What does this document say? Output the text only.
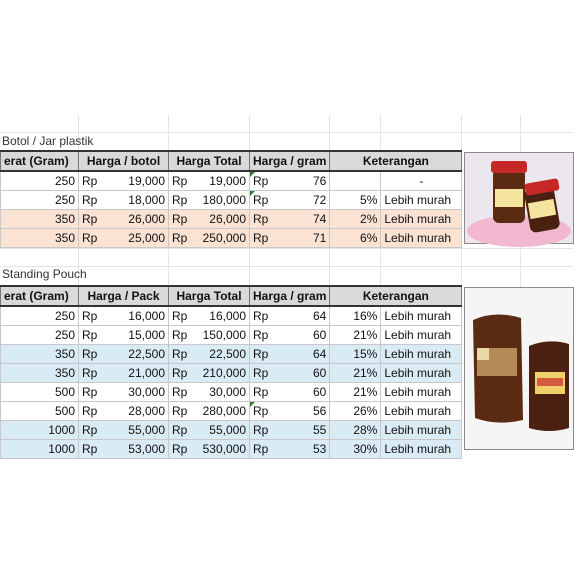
Botol / Jar plastik
erat (Gram)	Harga / botol		Harga Total		Harga / gram		Keterangan	
250	Rp	19,000	Rp	19,000	Rp	76		-
250	Rp	18,000	Rp	180,000	Rp	72	5%	Lebih murah
350	Rp	26,000	Rp	26,000	Rp	74	2%	Lebih murah
350	Rp	25,000	Rp	250,000	Rp	71	6%	Lebih murah
Standing Pouch
erat (Gram)	Harga / Pack		Harga Total		Harga / gram		Keterangan	
250	Rp	16,000	Rp	16,000	Rp	64	16%	Lebih murah
250	Rp	15,000	Rp	150,000	Rp	60	21%	Lebih murah
350	Rp	22,500	Rp	22,500	Rp	64	15%	Lebih murah
350	Rp	21,000	Rp	210,000	Rp	60	21%	Lebih murah
500	Rp	30,000	Rp	30,000	Rp	60	21%	Lebih murah
500	Rp	28,000	Rp	280,000	Rp	56	26%	Lebih murah
1000	Rp	55,000	Rp	55,000	Rp	55	28%	Lebih murah
1000	Rp	53,000	Rp	530,000	Rp	53	30%	Lebih murah
